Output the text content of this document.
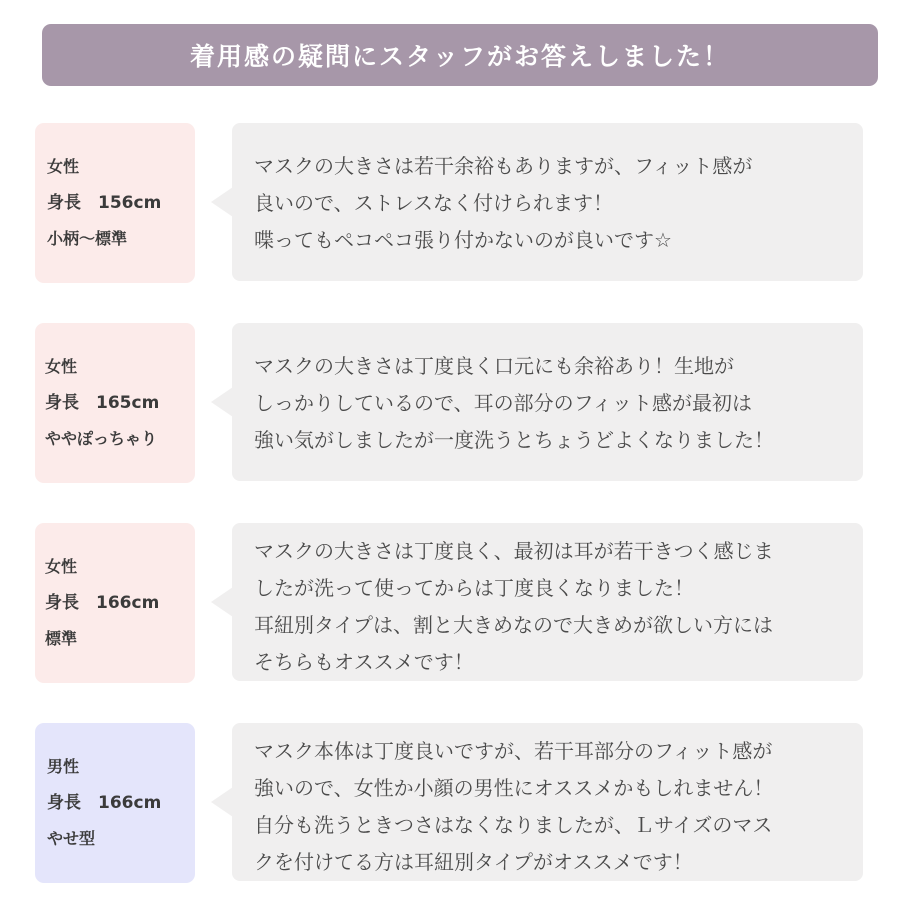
着用感の疑問にスタッフがお答えしました！
女性
身長　156cm
小柄～標準
マスクの大きさは若干余裕もありますが、フィット感が
良いので、ストレスなく付けられます！
喋ってもペコペコ張り付かないのが良いです☆
女性
身長　165cm
ややぽっちゃり
マスクの大きさは丁度良く口元にも余裕あり！生地が
しっかりしているので、耳の部分のフィット感が最初は
強い気がしましたが一度洗うとちょうどよくなりました！
女性
身長　166cm
標準
マスクの大きさは丁度良く、最初は耳が若干きつく感じま
したが洗って使ってからは丁度良くなりました！
耳紐別タイプは、割と大きめなので大きめが欲しい方には
そちらもオススメです！
男性
身長　166cm
やせ型
マスク本体は丁度良いですが、若干耳部分のフィット感が
強いので、女性か小顔の男性にオススメかもしれません！
自分も洗うときつさはなくなりましたが、Ｌサイズのマス
クを付けてる方は耳紐別タイプがオススメです！
